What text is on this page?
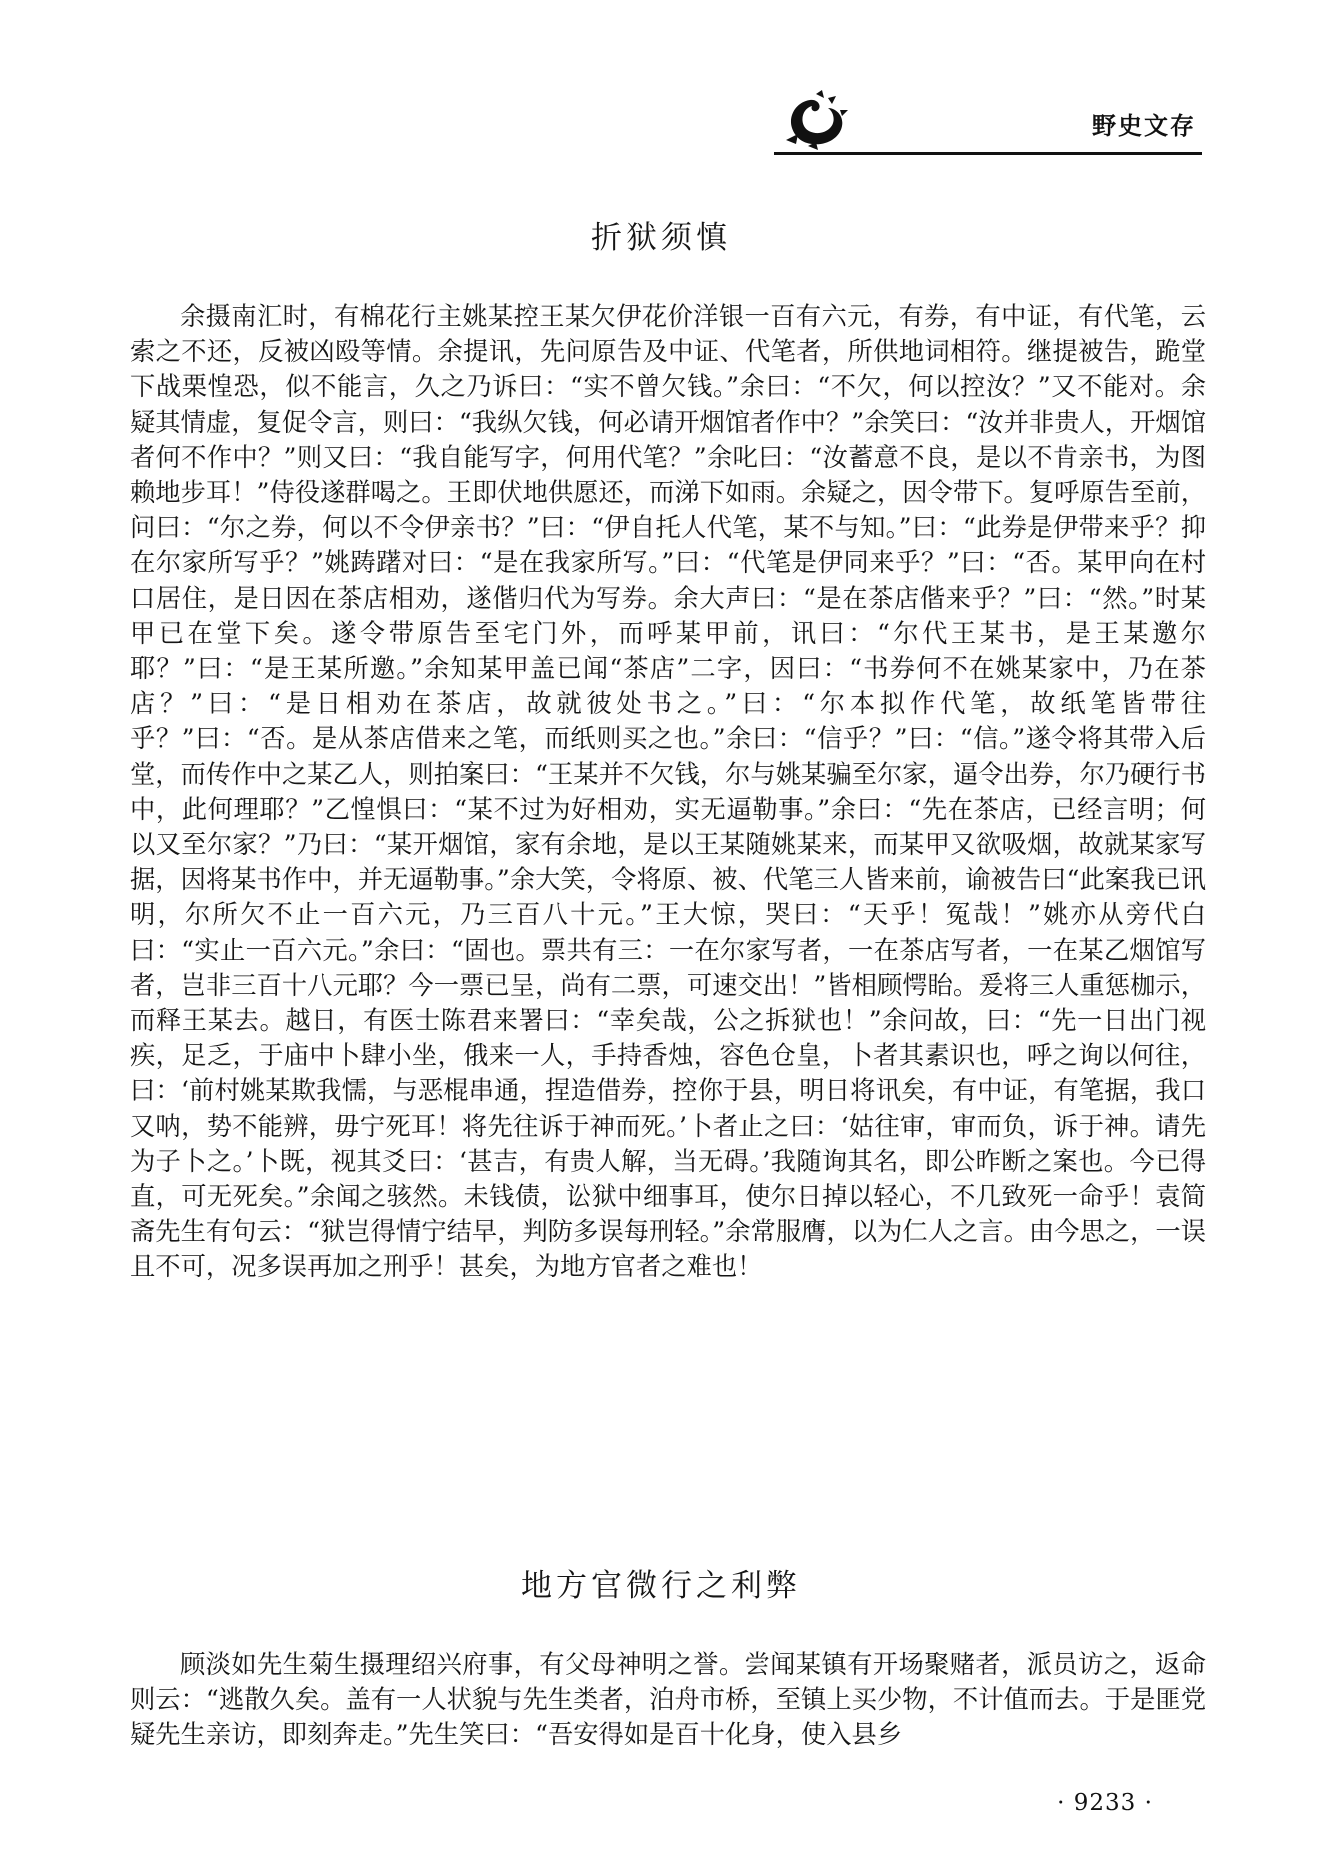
野史文存
折狱须慎

余摄南汇时，有棉花行主姚某控王某欠伊花价洋银一百有六元，有券，有中证，有代笔，云索之不还，反被凶殴等情。余提讯，先问原告及中证、代笔者，所供地词相符。继提被告，跪堂下战栗惶恐，似不能言，久之乃诉曰：“实不曾欠钱。”余曰：“不欠，何以控汝？”又不能对。余疑其情虚，复促令言，则曰：“我纵欠钱，何必请开烟馆者作中？”余笑曰：“汝并非贵人，开烟馆者何不作中？”则又曰：“我自能写字，何用代笔？”余叱曰：“汝蓄意不良，是以不肯亲书，为图赖地步耳！”侍役遂群喝之。王即伏地供愿还，而涕下如雨。余疑之，因令带下。复呼原告至前，问曰：“尔之券，何以不令伊亲书？”曰：“伊自托人代笔，某不与知。”曰：“此券是伊带来乎？抑在尔家所写乎？”姚踌躇对曰：“是在我家所写。”曰：“代笔是伊同来乎？”曰：“否。某甲向在村口居住，是日因在茶店相劝，遂偕归代为写券。余大声曰：“是在茶店偕来乎？”曰：“然。”时某甲已在堂下矣。遂令带原告至宅门外，而呼某甲前，讯曰：“尔代王某书，是王某邀尔耶？”曰：“是王某所邀。”余知某甲盖已闻“茶店”二字，因曰：“书券何不在姚某家中，乃在茶店？”曰：“是日相劝在茶店，故就彼处书之。”曰：“尔本拟作代笔，故纸笔皆带往乎？”曰：“否。是从茶店借来之笔，而纸则买之也。”余曰：“信乎？”曰：“信。”遂令将其带入后堂，而传作中之某乙人，则拍案曰：“王某并不欠钱，尔与姚某骗至尔家，逼令出券，尔乃硬行书中，此何理耶？”乙惶惧曰：“某不过为好相劝，实无逼勒事。”余曰：“先在茶店，已经言明；何以又至尔家？”乃曰：“某开烟馆，家有余地，是以王某随姚某来，而某甲又欲吸烟，故就某家写据，因将某书作中，并无逼勒事。”余大笑，令将原、被、代笔三人皆来前，谕被告曰“此案我已讯明，尔所欠不止一百六元，乃三百八十元。”王大惊，哭曰：“天乎！冤哉！”姚亦从旁代白曰：“实止一百六元。”余曰：“固也。票共有三：一在尔家写者，一在茶店写者，一在某乙烟馆写者，岂非三百十八元耶？今一票已呈，尚有二票，可速交出！”皆相顾愕眙。爰将三人重惩枷示，而释王某去。越日，有医士陈君来署曰：“幸矣哉，公之拆狱也！”余问故，曰：“先一日出门视疾，足乏，于庙中卜肆小坐，俄来一人，手持香烛，容色仓皇，卜者其素识也，呼之询以何往，曰：‘前村姚某欺我懦，与恶棍串通，捏造借券，控你于县，明日将讯矣，有中证，有笔据，我口又呐，势不能辨，毋宁死耳！将先往诉于神而死。’卜者止之曰：‘姑往审，审而负，诉于神。请先为子卜之。’卜既，视其爻曰：‘甚吉，有贵人解，当无碍。’我随询其名，即公昨断之案也。今已得直，可无死矣。”余闻之骇然。未钱债，讼狱中细事耳，使尔日掉以轻心，不几致死一命乎！袁简斋先生有句云：“狱岂得情宁结早，判防多误每刑轻。”余常服膺，以为仁人之言。由今思之，一误且不可，况多误再加之刑乎！甚矣，为地方官者之难也！

地方官微行之利弊

顾淡如先生菊生摄理绍兴府事，有父母神明之誉。尝闻某镇有开场聚赌者，派员访之，返命则云：“逃散久矣。盖有一人状貌与先生类者，泊舟市桥，至镇上买少物，不计值而去。于是匪党疑先生亲访，即刻奔走。”先生笑曰：“吾安得如是百十化身，使入县乡

· 9233 ·
